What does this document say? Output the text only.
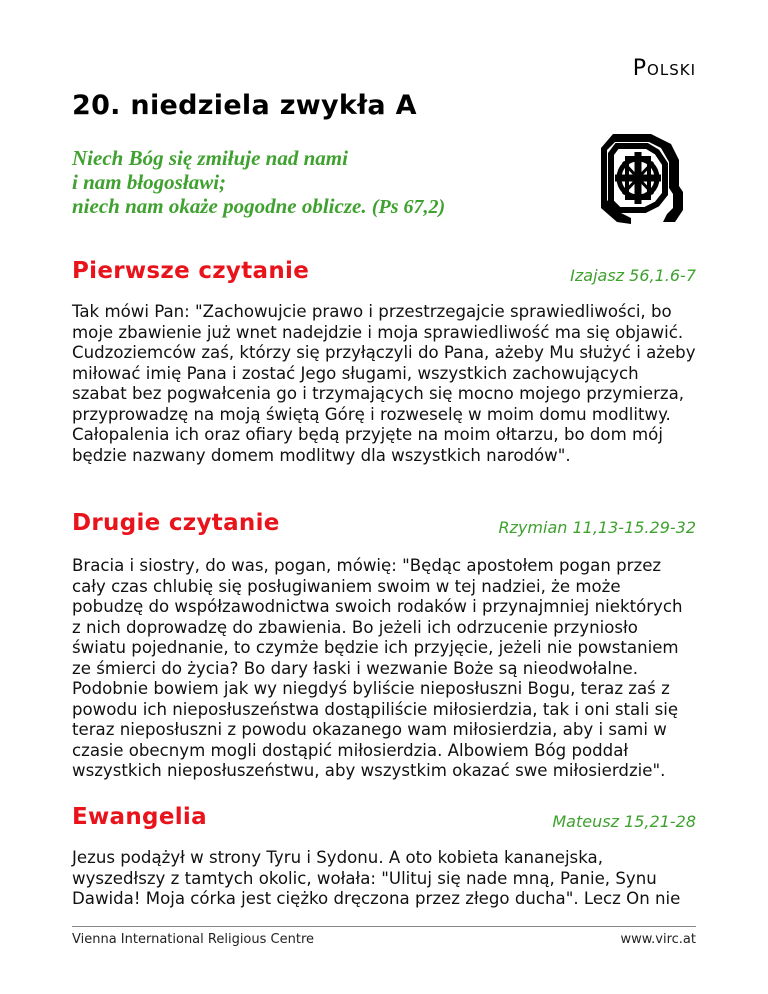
Polski
20. niedziela zwykła A

Niech Bóg się zmiłuje nad nami
i nam błogosławi;
niech nam okaże pogodne oblicze. (Ps 67,2)

Pierwsze czytanie	Izajasz 56,1.6-7

Tak mówi Pan: "Zachowujcie prawo i przestrzegajcie sprawiedliwości, bo moje zbawienie już wnet nadejdzie i moja sprawiedliwość ma się objawić. Cudzoziemców zaś, którzy się przyłączyli do Pana, ażeby Mu służyć i ażeby miłować imię Pana i zostać Jego sługami, wszystkich zachowujących szabat bez pogwałcenia go i trzymających się mocno mojego przymierza, przyprowadzę na moją świętą Górę i rozweselę w moim domu modlitwy. Całopalenia ich oraz ofiary będą przyjęte na moim ołtarzu, bo dom mój będzie nazwany domem modlitwy dla wszystkich narodów".

Drugie czytanie	Rzymian 11,13-15.29-32

Bracia i siostry, do was, pogan, mówię: "Będąc apostołem pogan przez cały czas chlubię się posługiwaniem swoim w tej nadziei, że może pobudzę do współzawodnictwa swoich rodaków i przynajmniej niektórych z nich doprowadzę do zbawienia. Bo jeżeli ich odrzucenie przyniosło światu pojednanie, to czymże będzie ich przyjęcie, jeżeli nie powstaniem ze śmierci do życia? Bo dary łaski i wezwanie Boże są nieodwołalne. Podobnie bowiem jak wy niegdyś byliście nieposłuszni Bogu, teraz zaś z powodu ich nieposłuszeństwa dostąpiliście miłosierdzia, tak i oni stali się teraz nieposłuszni z powodu okazanego wam miłosierdzia, aby i sami w czasie obecnym mogli dostąpić miłosierdzia. Albowiem Bóg poddał wszystkich nieposłuszeństwu, aby wszystkim okazać swe miłosierdzie".

Ewangelia	Mateusz 15,21-28

Jezus podążył w strony Tyru i Sydonu. A oto kobieta kananejska, wyszedłszy z tamtych okolic, wołała: "Ulituj się nade mną, Panie, Synu Dawida! Moja córka jest ciężko dręczona przez złego ducha". Lecz On nie

Vienna International Religious Centre	www.virc.at
